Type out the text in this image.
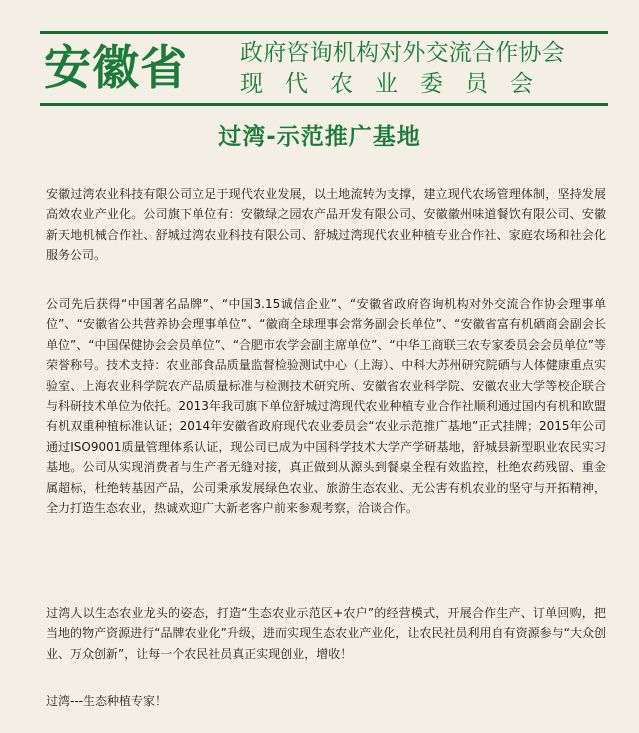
安徽省	政府咨询机构对外交流合作协会
现代农业委员会
过湾-示范推广基地

安徽过湾农业科技有限公司立足于现代农业发展，以土地流转为支撑，建立现代农场管理体制，坚持发展高效农业产业化。公司旗下单位有：安徽绿之园农产品开发有限公司、安徽徽州味道餐饮有限公司、安徽新天地机械合作社、舒城过湾农业科技有限公司、舒城过湾现代农业种植专业合作社、家庭农场和社会化服务公司。

公司先后获得“中国著名品牌”、“中国3.15诚信企业”、“安徽省政府咨询机构对外交流合作协会理事单位”、“安徽省公共营养协会理事单位”、“徽商全球理事会常务副会长单位”、“安徽省富有机硒商会副会长单位”、“中国保健协会会员单位”、“合肥市农学会副主席单位”、“中华工商联三农专家委员会会员单位”等荣誉称号。技术支持：农业部食品质量监督检验测试中心（上海）、中科大苏州研究院硒与人体健康重点实验室、上海农业科学院农产品质量标准与检测技术研究所、安徽省农业科学院、安徽农业大学等校企联合与科研技术单位为依托。2013年我司旗下单位舒城过湾现代农业种植专业合作社顺利通过国内有机和欧盟有机双重种植标准认证；2014年安徽省政府现代农业委员会“农业示范推广基地”正式挂牌；2015年公司通过ISO9001质量管理体系认证，现公司已成为中国科学技术大学产学研基地，舒城县新型职业农民实习基地。公司从实现消费者与生产者无缝对接，真正做到从源头到餐桌全程有效监控，杜绝农药残留、重金属超标，杜绝转基因产品，公司秉承发展绿色农业、旅游生态农业、无公害有机农业的坚守与开拓精神，全力打造生态农业，热诚欢迎广大新老客户前来参观考察，洽谈合作。

过湾人以生态农业龙头的姿态，打造“生态农业示范区+农户”的经营模式，开展合作生产、订单回购，把当地的物产资源进行“品牌农业化”升级，进而实现生态农业产业化，让农民社员利用自有资源参与“大众创业、万众创新”，让每一个农民社员真正实现创业，增收！

过湾---生态种植专家！
